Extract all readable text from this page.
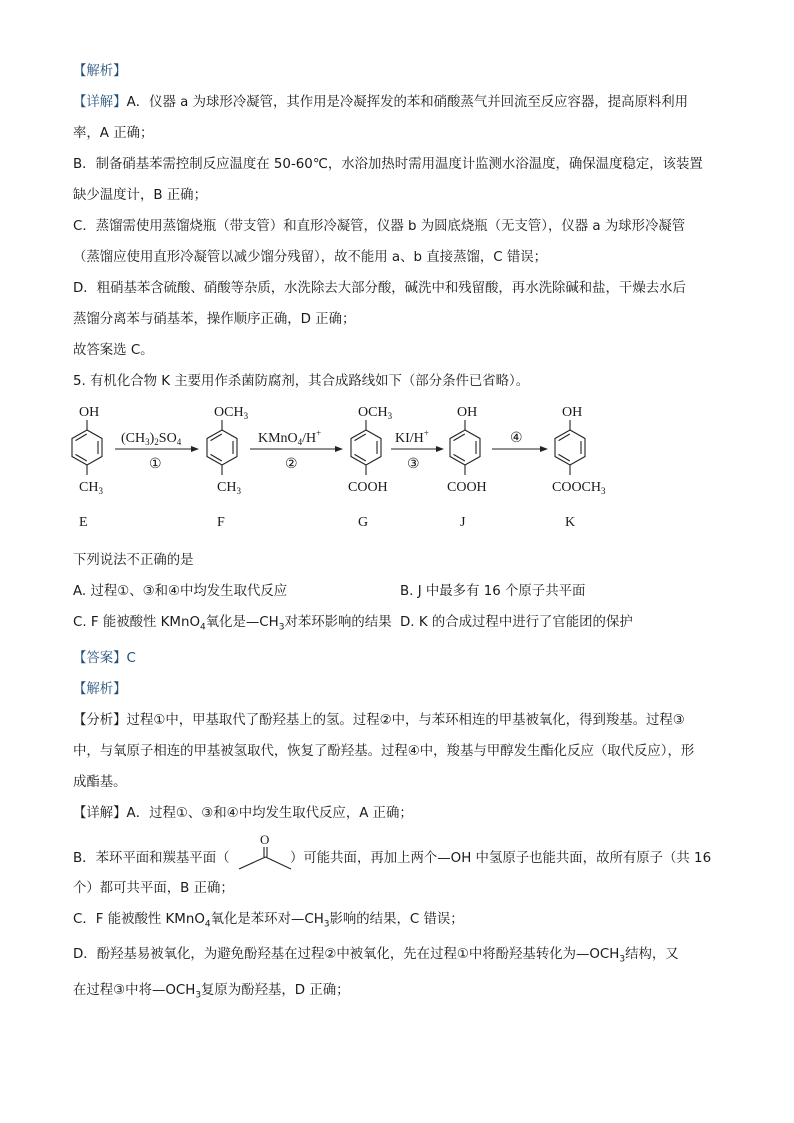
【解析】
【详解】A．仪器 a 为球形冷凝管，其作用是冷凝挥发的苯和硝酸蒸气并回流至反应容器，提高原料利用
率，A 正确；
B．制备硝基苯需控制反应温度在 50-60℃，水浴加热时需用温度计监测水浴温度，确保温度稳定，该装置
缺少温度计，B 正确；
C．蒸馏需使用蒸馏烧瓶（带支管）和直形冷凝管，仪器 b 为圆底烧瓶（无支管），仪器 a 为球形冷凝管
（蒸馏应使用直形冷凝管以减少馏分残留），故不能用 a、b 直接蒸馏，C 错误；
D．粗硝基苯含硫酸、硝酸等杂质，水洗除去大部分酸，碱洗中和残留酸，再水洗除碱和盐，干燥去水后
蒸馏分离苯与硝基苯，操作顺序正确，D 正确；
故答案选 C。
5. 有机化合物 K 主要用作杀菌防腐剂，其合成路线如下（部分条件已省略）。
OH
$CH_3$
E
$OCH_3$
$CH_3$
F
$OCH_3$
COOH
G
OH
COOH
J
OH
$COOCH_3$
K
$(CH_3)_2SO_4$
①
KMnO$_4$/H+
②
KI/H+
③
④
下列说法不正确的是
A. 过程①、③和④中均发生取代反应	B. J 中最多有 16 个原子共平面
C. F 能被酸性 KMnO$_4$氧化是$—CH_3$对苯环影响的结果 D. K 的合成过程中进行了官能团的保护
【答案】C
【解析】
【分析】过程①中，甲基取代了酚羟基上的氢。过程②中，与苯环相连的甲基被氧化，得到羧基。过程③
中，与氧原子相连的甲基被氢取代，恢复了酚羟基。过程④中，羧基与甲醇发生酯化反应（取代反应），形
成酯基。
【详解】A．过程①、③和④中均发生取代反应，A 正确；
B．苯环平面和羰基平面（
O
）可能共面，再加上两个—OH 中氢原子也能共面，故所有原子（共 16
个）都可共平面，B 正确；
C．F 能被酸性 KMnO$_4$氧化是苯环对$—CH_3$影响的结果，C 错误；
D．酚羟基易被氧化，为避免酚羟基在过程②中被氧化，先在过程①中将酚羟基转化为$—OCH_3$结构，又
在过程③中将$—OCH_3$复原为酚羟基，D 正确；
